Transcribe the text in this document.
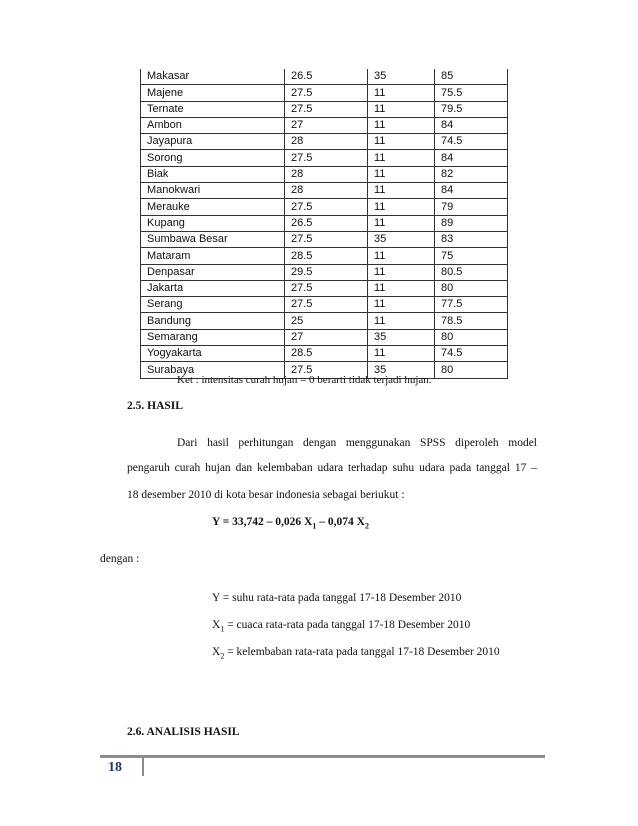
Makasar	26.5	35	85
Majene	27.5	11	75.5
Ternate	27.5	11	79.5
Ambon	27	11	84
Jayapura	28	11	74.5
Sorong	27.5	11	84
Biak	28	11	82
Manokwari	28	11	84
Merauke	27.5	11	79
Kupang	26.5	11	89
Sumbawa Besar	27.5	35	83
Mataram	28.5	11	75
Denpasar	29.5	11	80.5
Jakarta	27.5	11	80
Serang	27.5	11	77.5
Bandung	25	11	78.5
Semarang	27	35	80
Yogyakarta	28.5	11	74.5
Surabaya	27.5	35	80
Ket : intensitas curah hujan = 0 berarti tidak terjadi hujan.
2.5. HASIL
Dari hasil perhitungan dengan menggunakan SPSS diperoleh model
pengaruh curah hujan dan kelembaban udara terhadap suhu udara pada tanggal 17 –
18 desember 2010 di kota besar indonesia sebagai beriukut :
Y = 33,742 – 0,026 $X_1 - 0,074$ $X_2$
dengan :
Y = suhu rata-rata pada tanggal 17-18 Desember 2010
$X_1$ = cuaca rata-rata pada tanggal 17-18 Desember 2010
$X_2$ = kelembaban rata-rata pada tanggal 17-18 Desember 2010
2.6. ANALISIS HASIL
18
